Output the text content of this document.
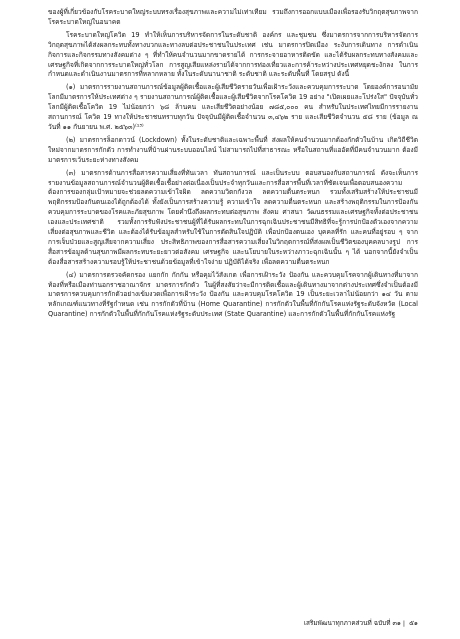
ของผู้ที่เกี่ยวข้องกับโรคระบาดใหญ่ระบบทรงเรื่องสุขภาพและความไม่เท่าเทียม รวมถึงการออกแบบเมืองเพื่อรองรับวิกฤตสุขภาพจากโรคระบาดใหญ่ในอนาคต

โรคระบาดใหญ่โควิด 19 ทำให้เห็นการบริหารจัดการในระดับชาติ องค์กร และชุมชน ซึ่งมาตรการจากการบริหารจัดการวิกฤตสุขภาพได้ส่งผลกระทบทั้งทางบวกและทางลบต่อประชาชนในประเทศ เช่น มาตรการปิดเมือง ระงับการเดินทาง การดำเนินกิจการและกิจกรรมทางสังคมต่าง ๆ ที่ทำให้คนจำนวนมากขาดรายได้ การกระจายอาหารติดขัด และได้รับผลกระทบทางสังคมและเศรษฐกิจที่เกิดจากการระบาดใหญ่ทั่วโลก การสูญเสียแหล่งรายได้จากการท่องเที่ยวและการค้าระหว่างประเทศหยุดชะงักลง ในการกำหนดและดำเนินงานมาตรการที่หลากหลาย ทั้งในระดับนานาชาติ ระดับชาติ และระดับพื้นที่ โดยสรุป ดังนี้

(๑) มาตรการรายงานสถานการณ์ข้อมูลผู้ติดเชื้อและผู้เสียชีวิตรายวันเพื่อเฝ้าระวังและควบคุมการระบาด โดยองค์การอนามัยโลกมีมาตรการให้ประเทศต่าง ๆ รายงานสถานการณ์ผู้ติดเชื้อและผู้เสียชีวิตจากโรคโควิด 19 อย่าง "เปิดเผยและโปร่งใส" ปัจจุบันทั่วโลกมีผู้ติดเชื้อโควิด 19 ไม่น้อยกว่า ๖๘ ล้านคน และเสียชีวิตอย่างน้อย ๗๘๕,๐๐๐ คน สำหรับในประเทศไทยมีการรายงานสถานการณ์ โควิด 19 ทางให้ประชาชนทราบทุกวัน ปัจจุบันมีผู้ติดเชื้อจำนวน ๓,๔๖๒ ราย และเสียชีวิตจำนวน ๕๘ ราย (ข้อมูล ณ วันที่ ๑๑ กันยายน พ.ศ. ๒๕๖๓)⁽¹³⁾

(๒) มาตรการล็อกดาวน์ (Lockdown) ทั้งในระดับชาติและเฉพาะพื้นที่ ส่งผลให้คนจำนวนมากต้องกักตัวในบ้าน เกิดวิถีชีวิตใหม่จากมาตรการกักตัว การทำงานที่บ้านผ่านระบบออนไลน์ ไม่สามารถไปที่สาธารณะ หรือในสถานที่แออัดที่มีคนจำนวนมาก ต้องมีมาตรการเว้นระยะห่างทางสังคม

(๓) มาตรการด้านการสื่อสารความเสี่ยงที่ทันเวลา ทันสถานการณ์ และเป็นระบบ ตอบสนองกับสถานการณ์ ดังจะเห็นการรายงานข้อมูลสถานการณ์จำนวนผู้ติดเชื้อเชื้อย่างต่อเนื่องเป็นประจำทุกวันและการสื่อสารพื้นที่เวลาที่ชัดเจนเพื่อตอบสนองความต้องการของกลุ่มเป้าหมายจะช่วยลดความเข้าใจผิด ลดความวิตกกังวล ลดความตื่นตระหนก รวมทั้งเสริมสร้างให้ประชาชนมีพฤติกรรมป้องกันตนเองได้ถูกต้องได้ ทั้งยังเป็นการสร้างความรู้ ความเข้าใจ ลดความตื่นตระหนก และสร้างพฤติกรรมในการป้องกันควบคุมการระบาดของโรคและภัยสุขภาพ โดยคำนึงถึงผลกระทบต่อสุขภาพ สังคม ศาสนา วัฒนธรรมและเศรษฐกิจทั้งต่อประชาชนเองและประเทศชาติ รวมทั้งการรับฟังประชาชนผู้ที่ได้รับผลกระทบในการฉุกเฉินประชาชนมีสิทธิที่จะรู้การปกป้องตัวเองจากความเสี่ยงต่อสุขภาพและชีวิต และต้องได้รับข้อมูลสำหรับใช้ในการตัดสินใจปฏิบัติ เพื่อปกป้องตนเอง บุคคลที่รัก และคนที่อยู่รอบ ๆ จากการเจ็บป่วยและสูญเสียจากความเสี่ยง ประสิทธิภาพของการสื่อสารความเสี่ยงในวิกฤตการณ์ที่ส่งผลเป็นชีวิตของบุคคลบางรูป การสื่อสารข้อมูลด้านสุขภาพมีผลกระทบระยะยาวต่อสังคม เศรษฐกิจ และนโยบายในระหว่างภาวะฉุกเฉินนั้น ๆ ได้ นอกจากนี้ยังจำเป็นต้องสื่อสารสร้างความรอบรู้ให้ประชาชนด้วยข้อมูลที่เข้าใจง่าย ปฏิบัติได้จริง เพื่อลดความตื่นตระหนก

(๔) มาตรการตรวจคัดกรอง แยกกัก กักกัน หรือคุมไว้สังเกต เพื่อการเฝ้าระวัง ป้องกัน และควบคุมโรคจากผู้เดินทางที่มาจากท้องที่หรือเมืองท่านอกราชอาณาจักร มาตรการกักตัว ในผู้ที่สงสัยว่าจะมีการติดเชื้อและผู้เดินทางมาจากต่างประเทศซึ่งจำเป็นต้องมีมาตรการควบคุมการกักตัวอย่างเข้มงวดเพื่อการเฝ้าระวัง ป้องกัน และควบคุมโรคโควิด 19 เป็นระยะเวลาไม่น้อยกว่า ๑๔ วัน ตามหลักเกณฑ์แนวทางที่รัฐกำหนด เช่น การกักตัวที่บ้าน (Home Quarantine) การกักตัวในพื้นที่กักกันโรคแห่งรัฐระดับจังหวัด (Local Quarantine) การกักตัวในพื้นที่กักกันโรคแห่งรัฐระดับประเทศ (State Quarantine) และการกักตัวในพื้นที่กักกันโรคแห่งรัฐ

เสริมพัฒนาทุกภาคส่วนที่ ฉบับที่ ๓๑ | ๕๑
